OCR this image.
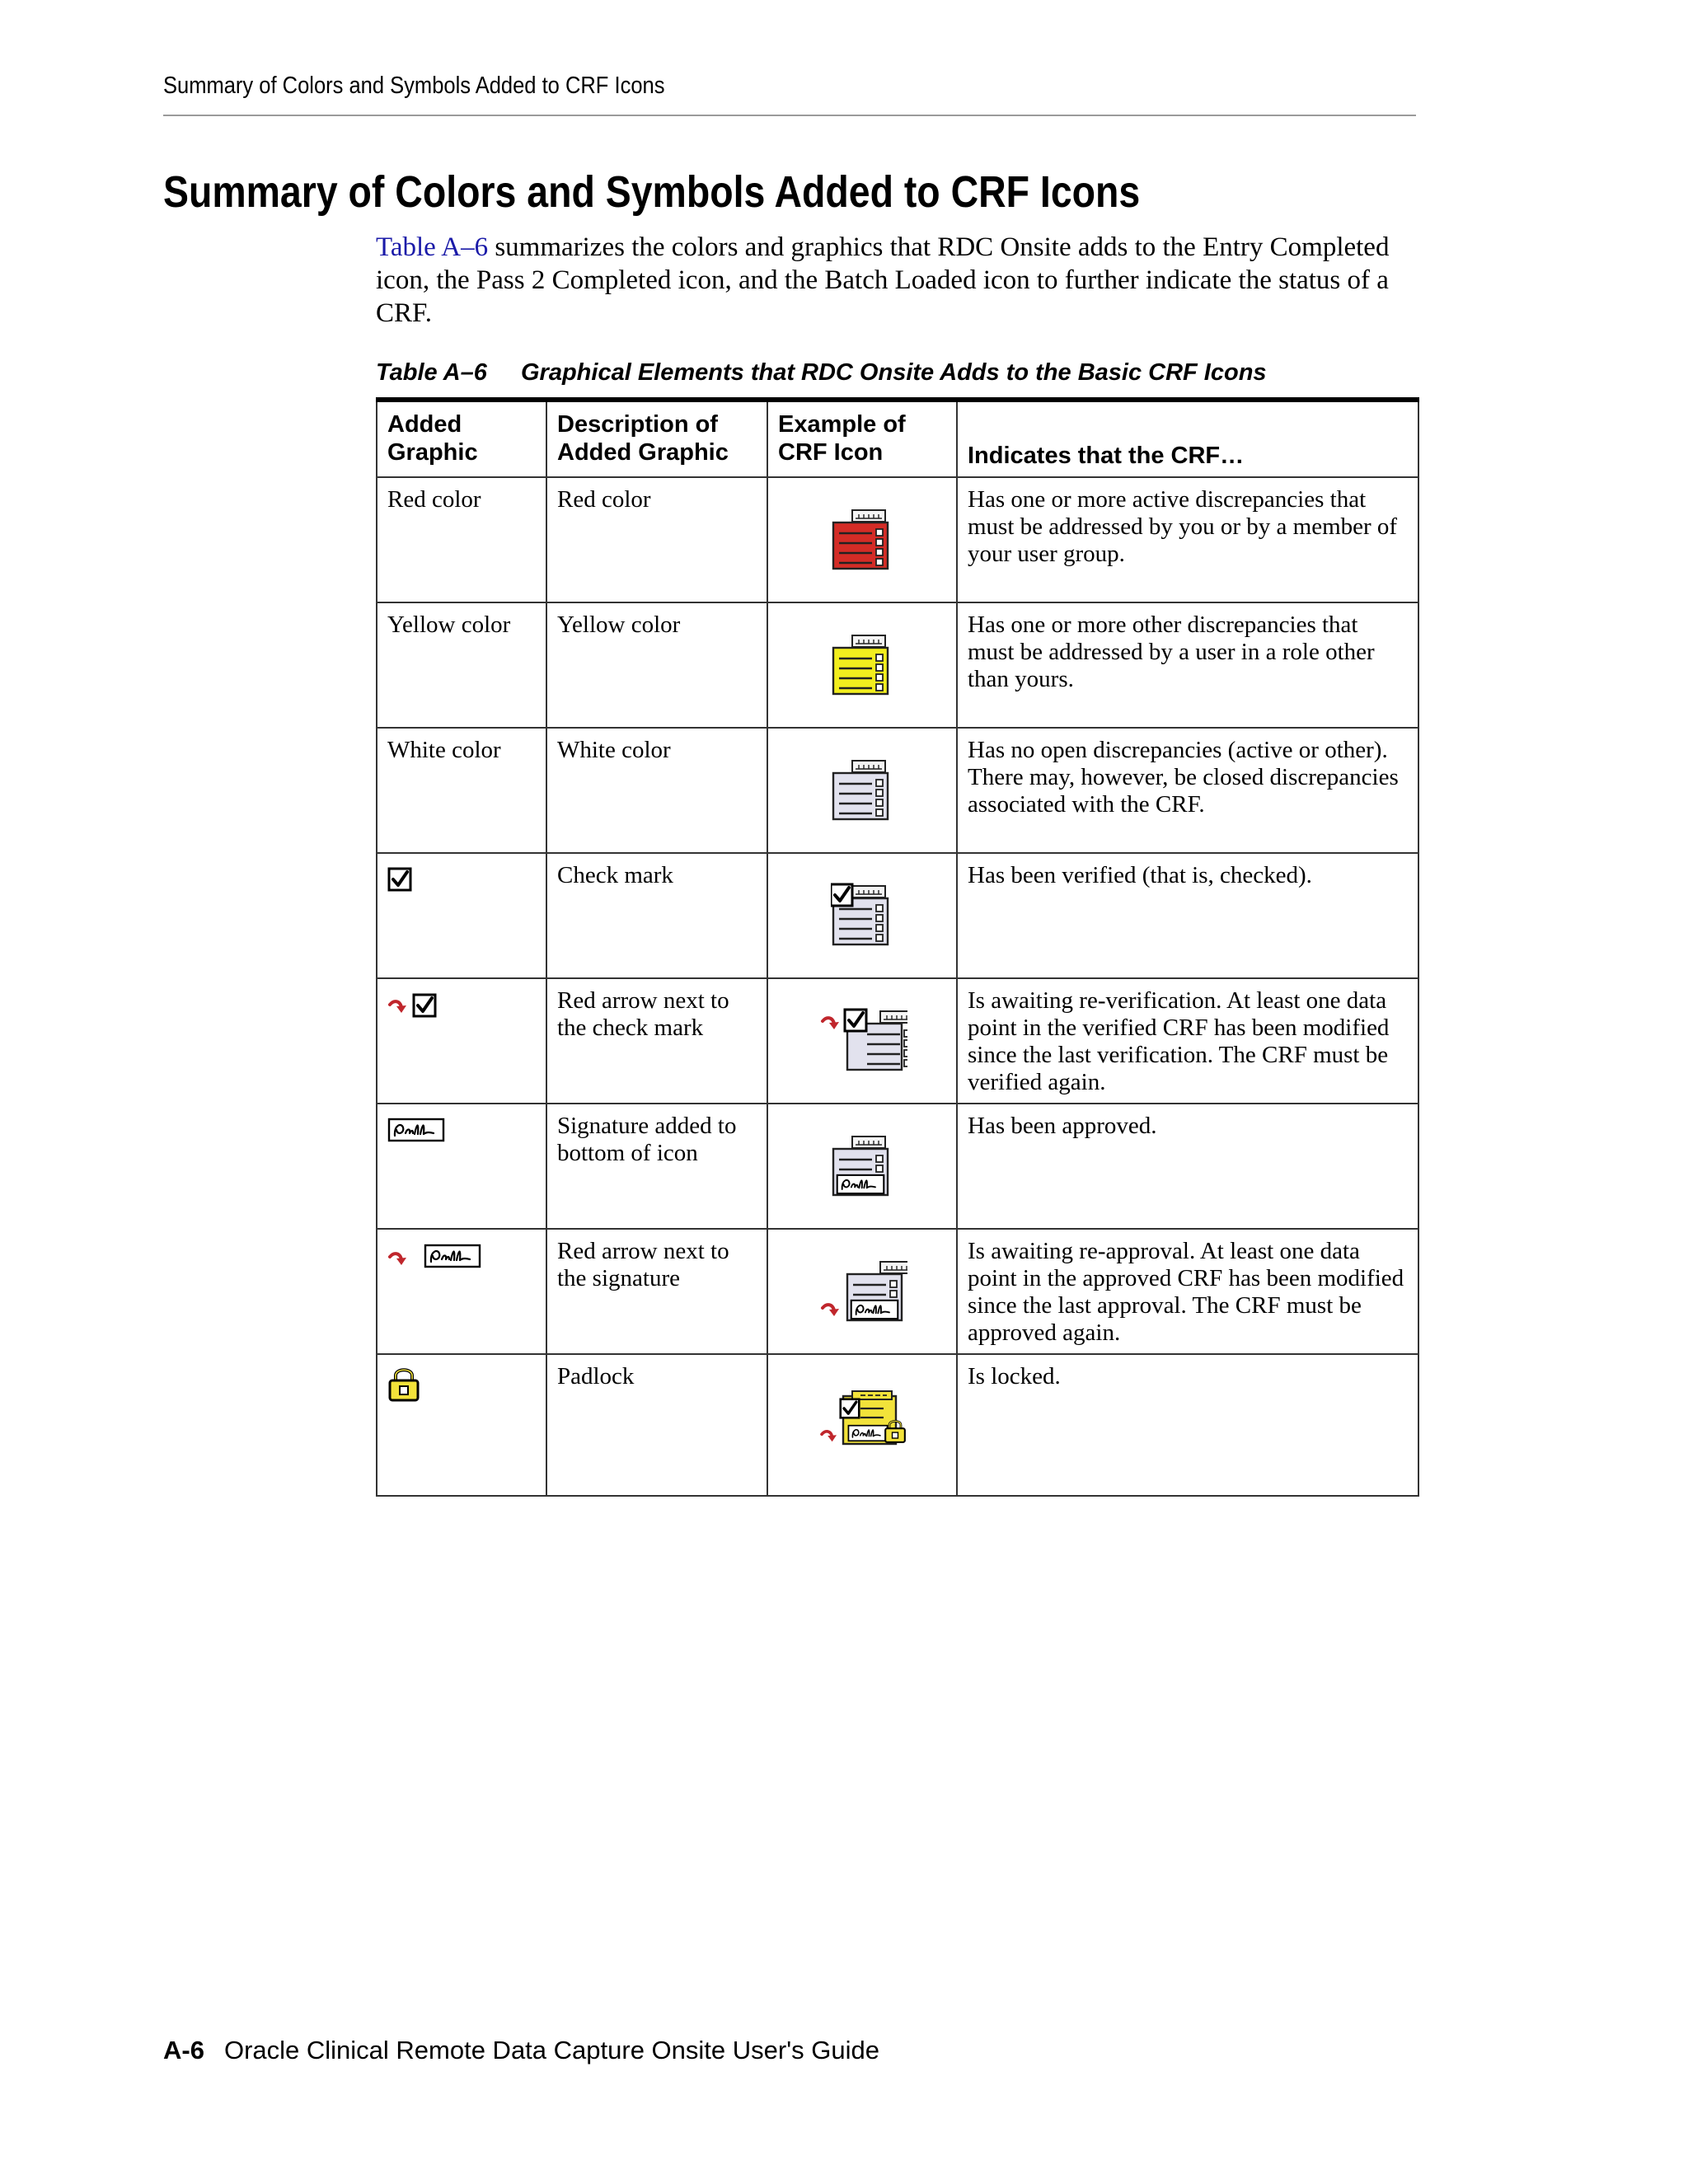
Summary of Colors and Symbols Added to CRF Icons
Summary of Colors and Symbols Added to CRF Icons

Table A–6 summarizes the colors and graphics that RDC Onsite adds to the Entry Completed icon, the Pass 2 Completed icon, and the Batch Loaded icon to further indicate the status of a CRF.

Table A–6 Graphical Elements that RDC Onsite Adds to the Basic CRF Icons
Added Graphic	Description of Added Graphic	Example of CRF Icon	Indicates that the CRF…
Red color	Red color		Has one or more active discrepancies that must be addressed by you or by a member of your user group.
Yellow color	Yellow color		Has one or more other discrepancies that must be addressed by a user in a role other than yours.
White color	White color		Has no open discrepancies (active or other). There may, however, be closed discrepancies associated with the CRF.

	Check mark		Has been verified (that is, checked).

	Red arrow next to the check mark		Is awaiting re-verification. At least one data point in the verified CRF has been modified since the last verification. The CRF must be verified again.

	Signature added to bottom of icon		Has been approved.

	Red arrow next to the signature		Is awaiting re-approval. At least one data point in the approved CRF has been modified since the last approval. The CRF must be approved again.

	Padlock		Is locked.
A-6 Oracle Clinical Remote Data Capture Onsite User's Guide
